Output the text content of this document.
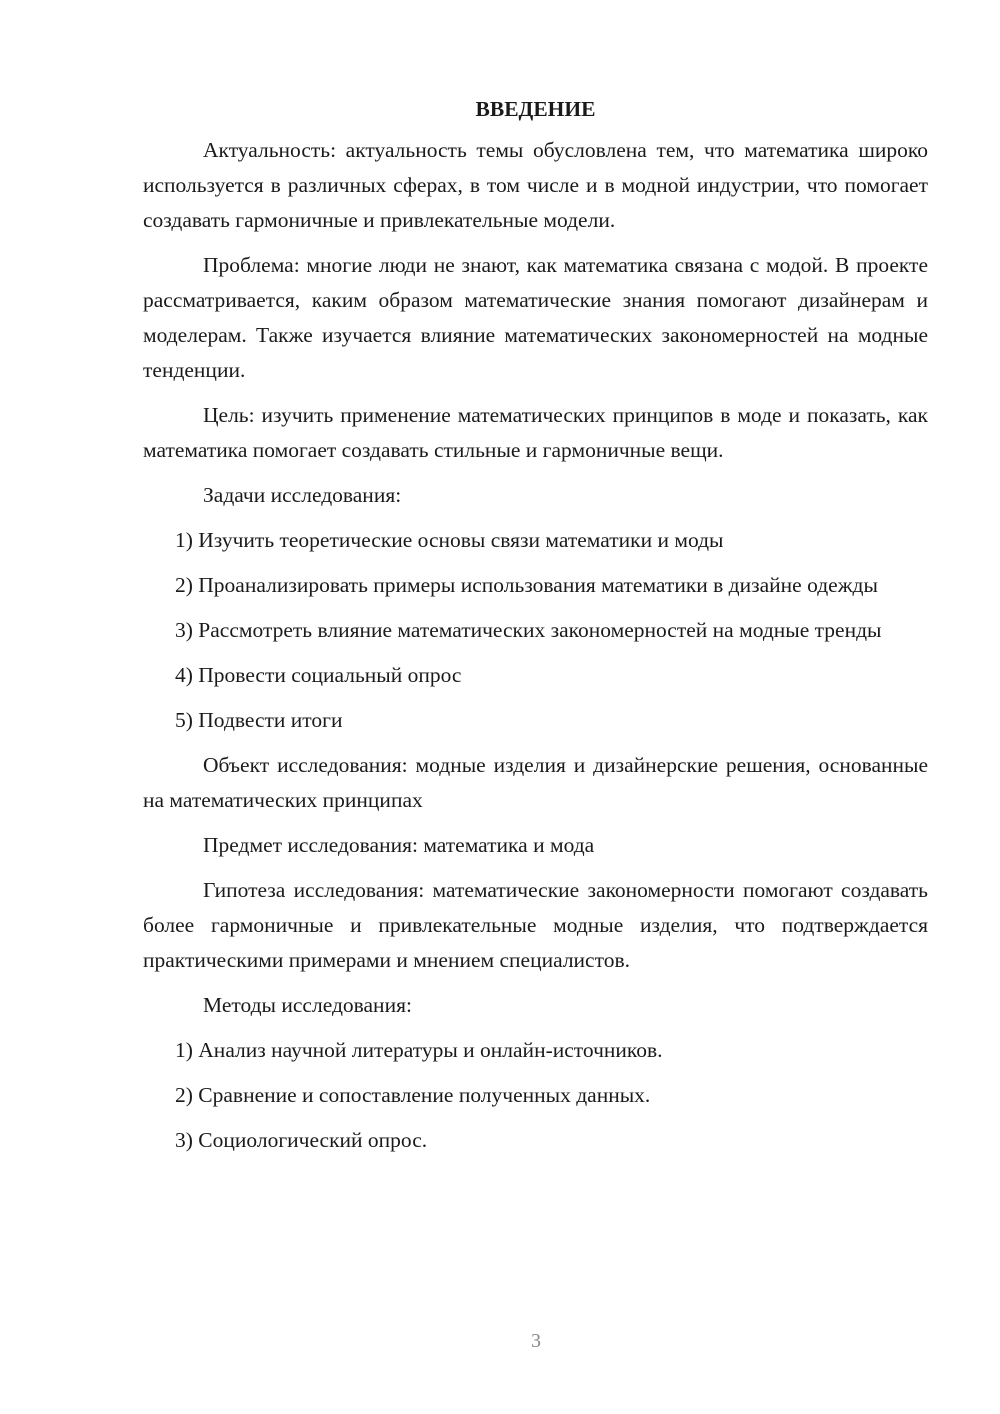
ВВЕДЕНИЕ

Актуальность: актуальность темы обусловлена тем, что математика широко используется в различных сферах, в том числе и в модной индустрии, что помогает создавать гармоничные и привлекательные модели.

Проблема: многие люди не знают, как математика связана с модой. В проекте рассматривается, каким образом математические знания помогают дизайнерам и моделерам. Также изучается влияние математических закономерностей на модные тенденции.

Цель: изучить применение математических принципов в моде и показать, как математика помогает создавать стильные и гармоничные вещи.

Задачи исследования:

1) Изучить теоретические основы связи математики и моды

2) Проанализировать примеры использования математики в дизайне одежды

3) Рассмотреть влияние математических закономерностей на модные тренды

4) Провести социальный опрос

5) Подвести итоги

Объект исследования: модные изделия и дизайнерские решения, основанные на математических принципах

Предмет исследования: математика и мода

Гипотеза исследования: математические закономерности помогают создавать более гармоничные и привлекательные модные изделия, что подтверждается практическими примерами и мнением специалистов.

Методы исследования:

1) Анализ научной литературы и онлайн-источников.

2) Сравнение и сопоставление полученных данных.

3) Социологический опрос.

3
